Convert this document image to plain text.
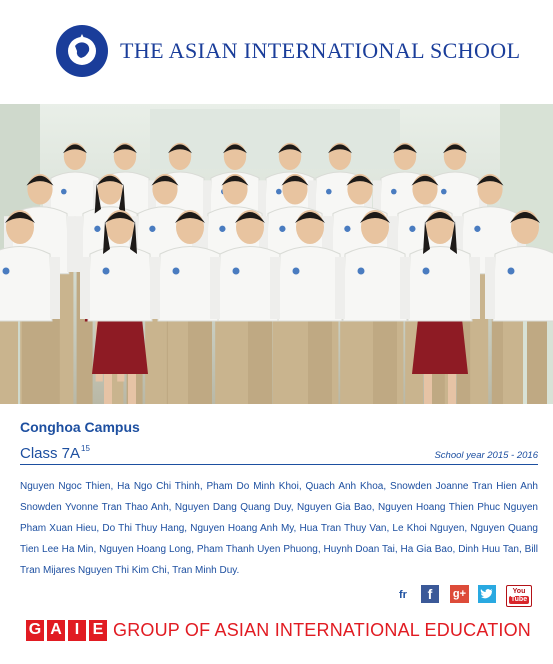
THE ASIAN INTERNATIONAL SCHOOL
Conghoa Campus
Class $7A^{15}$
School year 2015 - 2016
Nguyen Ngoc Thien, Ha Ngo Chi Thinh, Pham Do Minh Khoi, Quach Anh Khoa, Snowden Joanne Tran Hien Anh Snowden Yvonne Tran Thao Anh, Nguyen Dang Quang Duy, Nguyen Gia Bao, Nguyen Hoang Thien Phuc Nguyen Pham Xuan Hieu, Do Thi Thuy Hang, Nguyen Hoang Anh My, Hua Tran Thuy Van, Le Khoi Nguyen, Nguyen Quang Tien Lee Ha Min, Nguyen Hoang Long, Pham Thanh Uyen Phuong, Huynh Doan Tai, Ha Gia Bao, Dinh Huu Tan, Bill Tran Mijares Nguyen Thi Kim Chi, Tran Minh Duy.
fr f g+	You
Tube
G A I E GROUP OF ASIAN INTERNATIONAL EDUCATION
